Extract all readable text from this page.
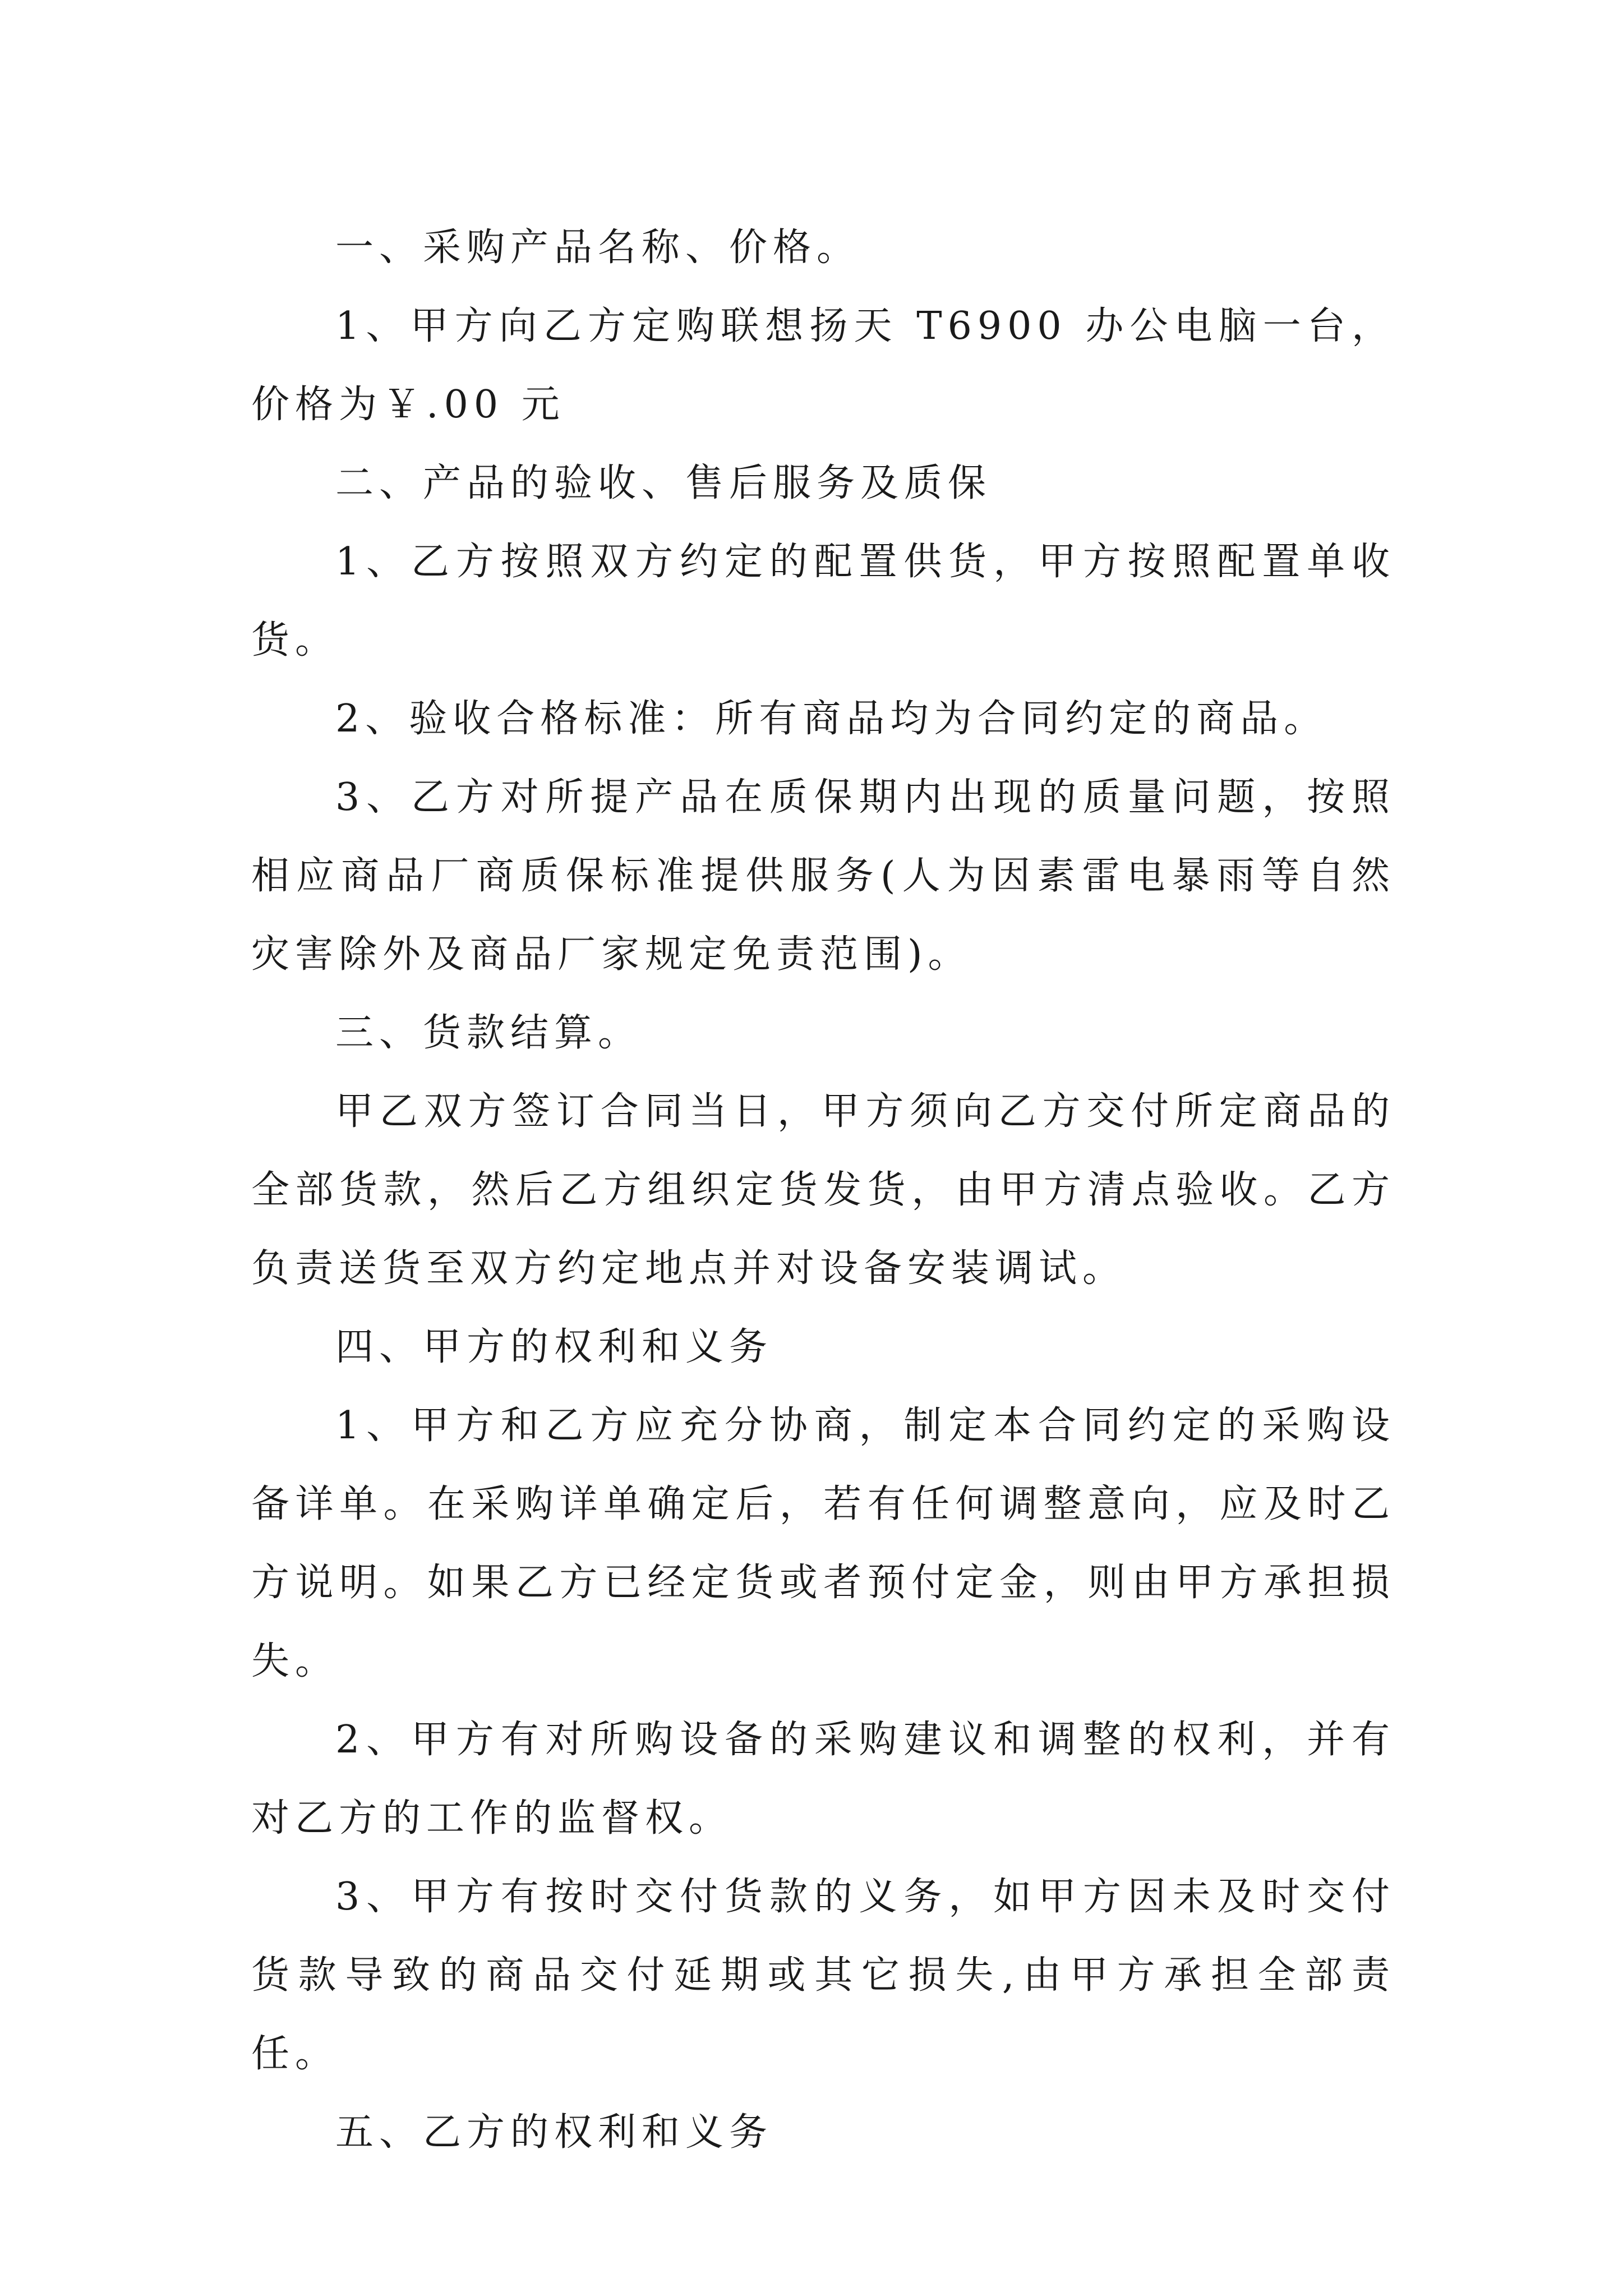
一、采购产品名称、价格。

1、甲方向乙方定购联想扬天 T6900 办公电脑一台，价格为￥.00 元

二、产品的验收、售后服务及质保

1、乙方按照双方约定的配置供货，甲方按照配置单收货。

2、验收合格标准：所有商品均为合同约定的商品。

3、乙方对所提产品在质保期内出现的质量问题，按照相应商品厂商质保标准提供服务(人为因素雷电暴雨等自然灾害除外及商品厂家规定免责范围)。

三、货款结算。

甲乙双方签订合同当日，甲方须向乙方交付所定商品的全部货款，然后乙方组织定货发货，由甲方清点验收。乙方负责送货至双方约定地点并对设备安装调试。

四、甲方的权利和义务

1、甲方和乙方应充分协商，制定本合同约定的采购设备详单。在采购详单确定后，若有任何调整意向，应及时乙方说明。如果乙方已经定货或者预付定金，则由甲方承担损失。

2、甲方有对所购设备的采购建议和调整的权利，并有对乙方的工作的监督权。

3、甲方有按时交付货款的义务，如甲方因未及时交付货款导致的商品交付延期或其它损失,由甲方承担全部责任。

五、乙方的权利和义务
